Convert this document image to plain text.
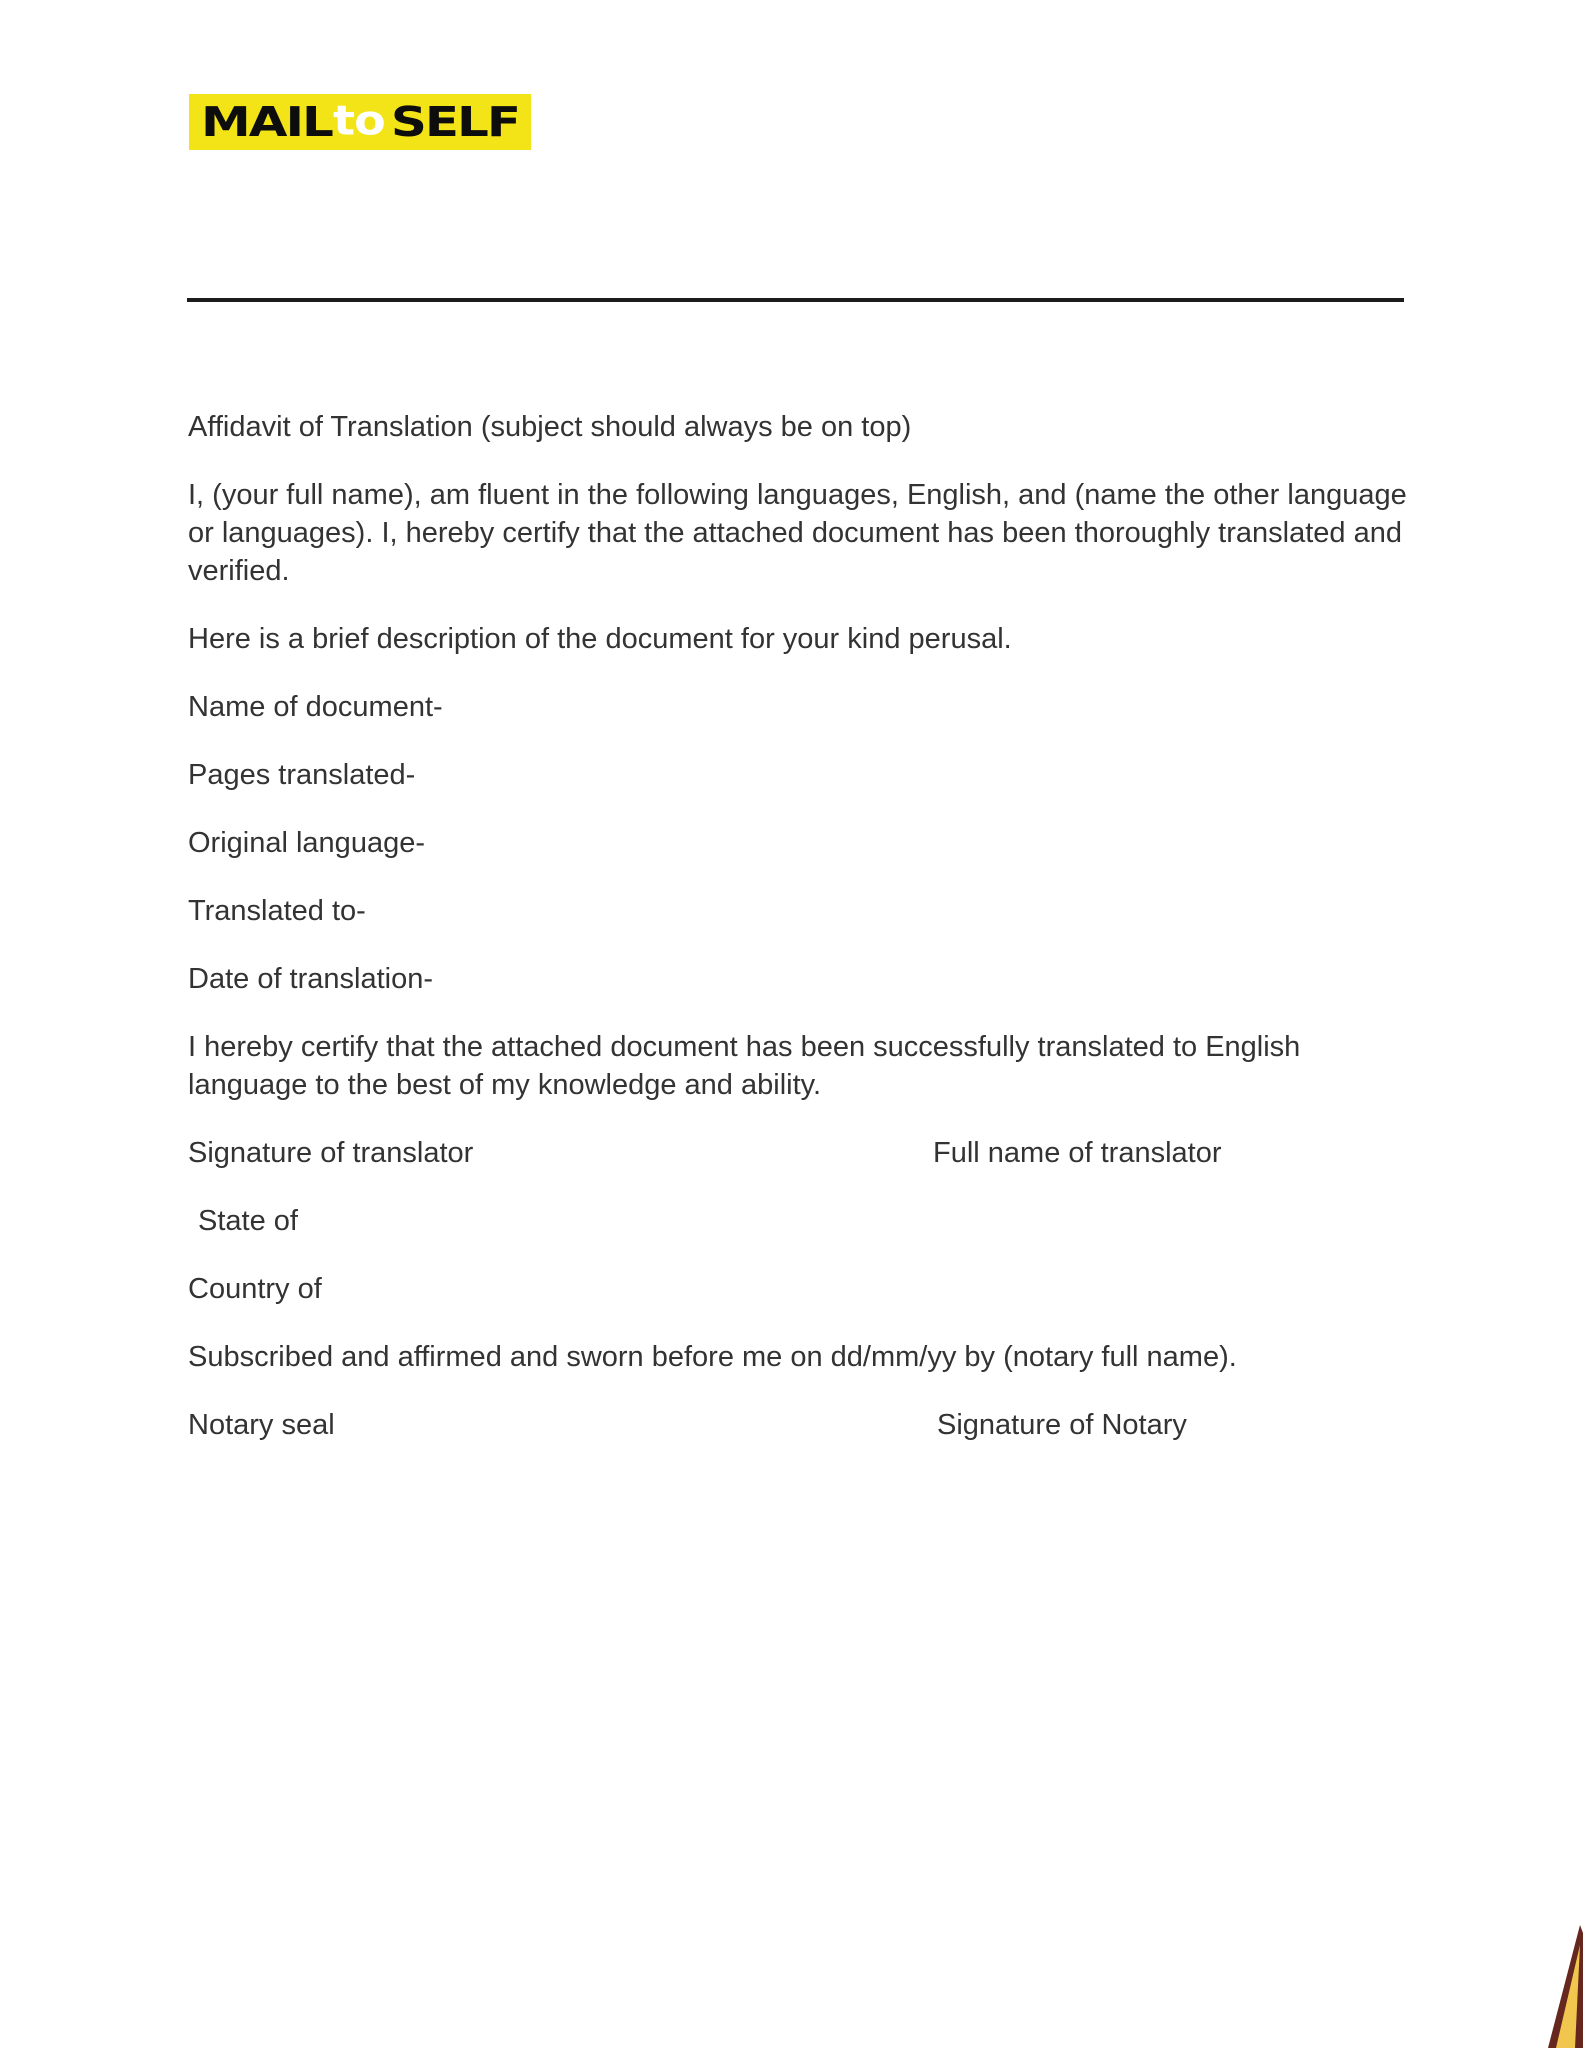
MAIL to SELF
Affidavit of Translation (subject should always be on top)
I, (your full name), am fluent in the following languages, English, and (name the other language or languages). I, hereby certify that the attached document has been thoroughly translated and verified.
Here is a brief description of the document for your kind perusal.
Name of document-
Pages translated-
Original language-
Translated to-
Date of translation-
I hereby certify that the attached document has been successfully translated to English language to the best of my knowledge and ability.
Signature of translator	Full name of translator
State of
Country of
Subscribed and affirmed and sworn before me on dd/mm/yy by (notary full name).
Notary seal	Signature of Notary
